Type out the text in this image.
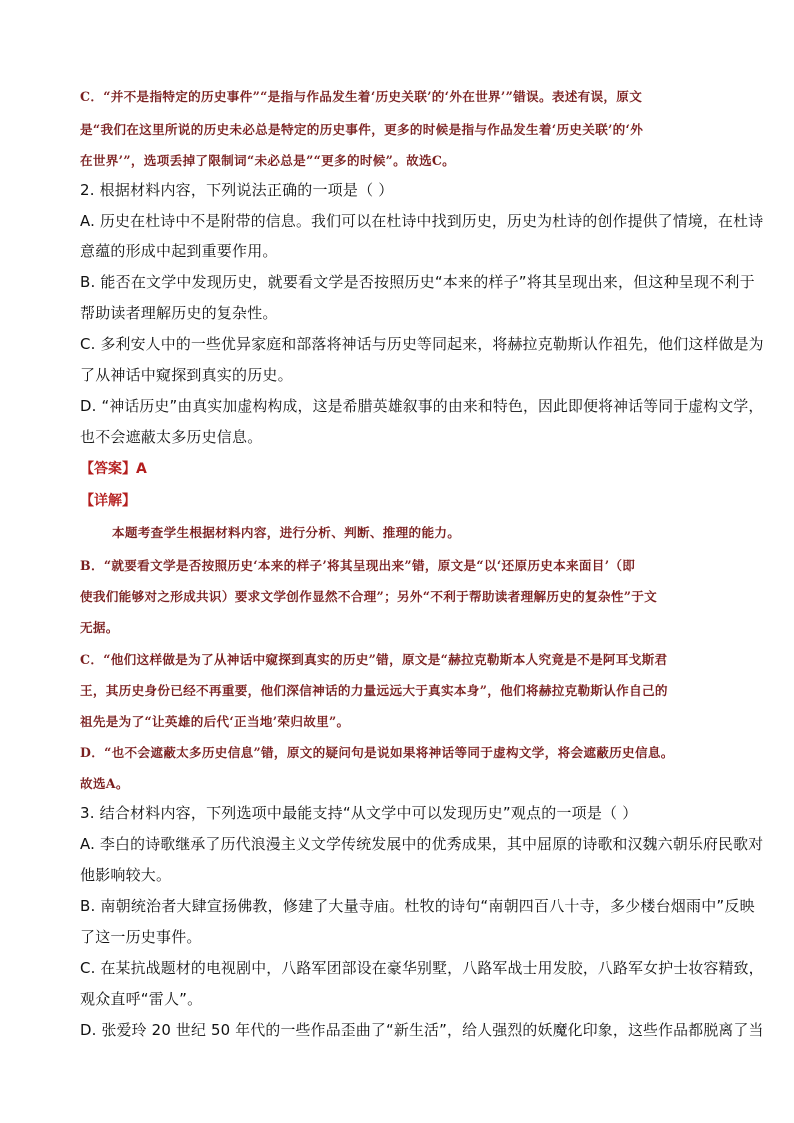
C．“并不是指特定的历史事件”“是指与作品发生着‘历史关联’的‘外在世界’”错误。表述有误，原文

是“我们在这里所说的历史未必总是特定的历史事件，更多的时候是指与作品发生着‘历史关联’的‘外

在世界’”，选项丢掉了限制词“未必总是”“更多的时候”。故选C。

2. 根据材料内容，下列说法正确的一项是（ ）

A. 历史在杜诗中不是附带的信息。我们可以在杜诗中找到历史，历史为杜诗的创作提供了情境，在杜诗

意蕴的形成中起到重要作用。

B. 能否在文学中发现历史，就要看文学是否按照历史“本来的样子”将其呈现出来，但这种呈现不利于

帮助读者理解历史的复杂性。

C. 多利安人中的一些优异家庭和部落将神话与历史等同起来，将赫拉克勒斯认作祖先，他们这样做是为

了从神话中窥探到真实的历史。

D. “神话历史”由真实加虚构构成，这是希腊英雄叙事的由来和特色，因此即便将神话等同于虚构文学，

也不会遮蔽太多历史信息。

【答案】A

【详解】

本题考查学生根据材料内容，进行分析、判断、推理的能力。

B．“就要看文学是否按照历史‘本来的样子’将其呈现出来”错，原文是“以‘还原历史本来面目’（即

使我们能够对之形成共识）要求文学创作显然不合理”；另外“不利于帮助读者理解历史的复杂性”于文

无据。

C．“他们这样做是为了从神话中窥探到真实的历史”错，原文是“赫拉克勒斯本人究竟是不是阿耳戈斯君

王，其历史身份已经不再重要，他们深信神话的力量远远大于真实本身”，他们将赫拉克勒斯认作自己的

祖先是为了“让英雄的后代‘正当地’荣归故里”。

D．“也不会遮蔽太多历史信息”错，原文的疑问句是说如果将神话等同于虚构文学，将会遮蔽历史信息。

故选A。

3. 结合材料内容，下列选项中最能支持“从文学中可以发现历史”观点的一项是（ ）

A. 李白的诗歌继承了历代浪漫主义文学传统发展中的优秀成果，其中屈原的诗歌和汉魏六朝乐府民歌对

他影响较大。

B. 南朝统治者大肆宣扬佛教，修建了大量寺庙。杜牧的诗句“南朝四百八十寺，多少楼台烟雨中”反映

了这一历史事件。

C. 在某抗战题材的电视剧中，八路军团部设在豪华别墅，八路军战士用发胶，八路军女护士妆容精致，

观众直呼“雷人”。

D. 张爱玲 20 世纪 50 年代的一些作品歪曲了“新生活”，给人强烈的妖魔化印象，这些作品都脱离了当
